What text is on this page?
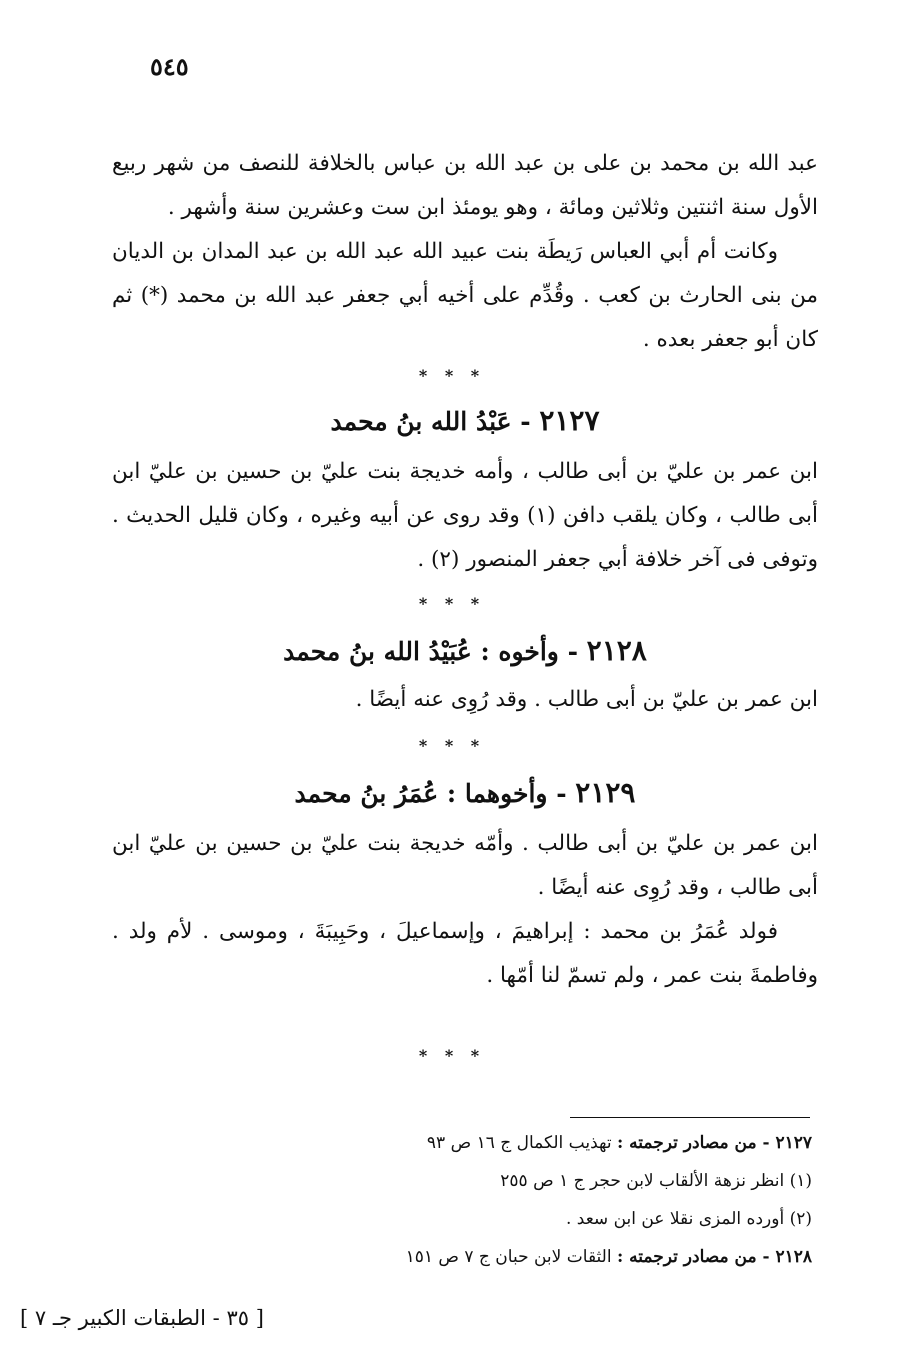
٥٤٥

عبد الله بن محمد بن على بن عبد الله بن عباس بالخلافة للنصف من شهر ربيع الأول سنة اثنتين وثلاثين ومائة ، وهو يومئذ ابن ست وعشرين سنة وأشهر .

وكانت أم أبي العباس رَيطَة بنت عبيد الله عبد الله بن عبد المدان بن الديان من بنى الحارث بن كعب . وقُدِّم على أخيه أبي جعفر عبد الله بن محمد (*) ثم كان أبو جعفر بعده .

* * *
٢١٢٧ - عَبْدُ الله بنُ محمد

ابن عمر بن عليّ بن أبى طالب ، وأمه خديجة بنت عليّ بن حسين بن عليّ ابن أبى طالب ، وكان يلقب دافن (١) وقد روى عن أبيه وغيره ، وكان قليل الحديث . وتوفى فى آخر خلافة أبي جعفر المنصور (٢) .

* * *
٢١٢٨ - وأخوه : عُبَيْدُ الله بنُ محمد

ابن عمر بن عليّ بن أبى طالب . وقد رُوِى عنه أيضًا .

* * *
٢١٢٩ - وأخوهما : عُمَرُ بنُ محمد

ابن عمر بن عليّ بن أبى طالب . وأمّه خديجة بنت عليّ بن حسين بن عليّ ابن أبى طالب ، وقد رُوِى عنه أيضًا .

فولد عُمَرُ بن محمد : إبراهيمَ ، وإسماعيلَ ، وحَبِيبَةَ ، وموسى . لأم ولد . وفاطمةَ بنت عمر ، ولم تسمّ لنا أمّها .

* * *

٢١٢٧ - من مصادر ترجمته : تهذيب الكمال ج ١٦ ص ٩٣

(١) انظر نزهة الألقاب لابن حجر ج ١ ص ٢٥٥

(٢) أورده المزى نقلا عن ابن سعد .

٢١٢٨ - من مصادر ترجمته : الثقات لابن حبان ج ٧ ص ١٥١

[ ٣٥ - الطبقات الكبير جـ ٧ ]
